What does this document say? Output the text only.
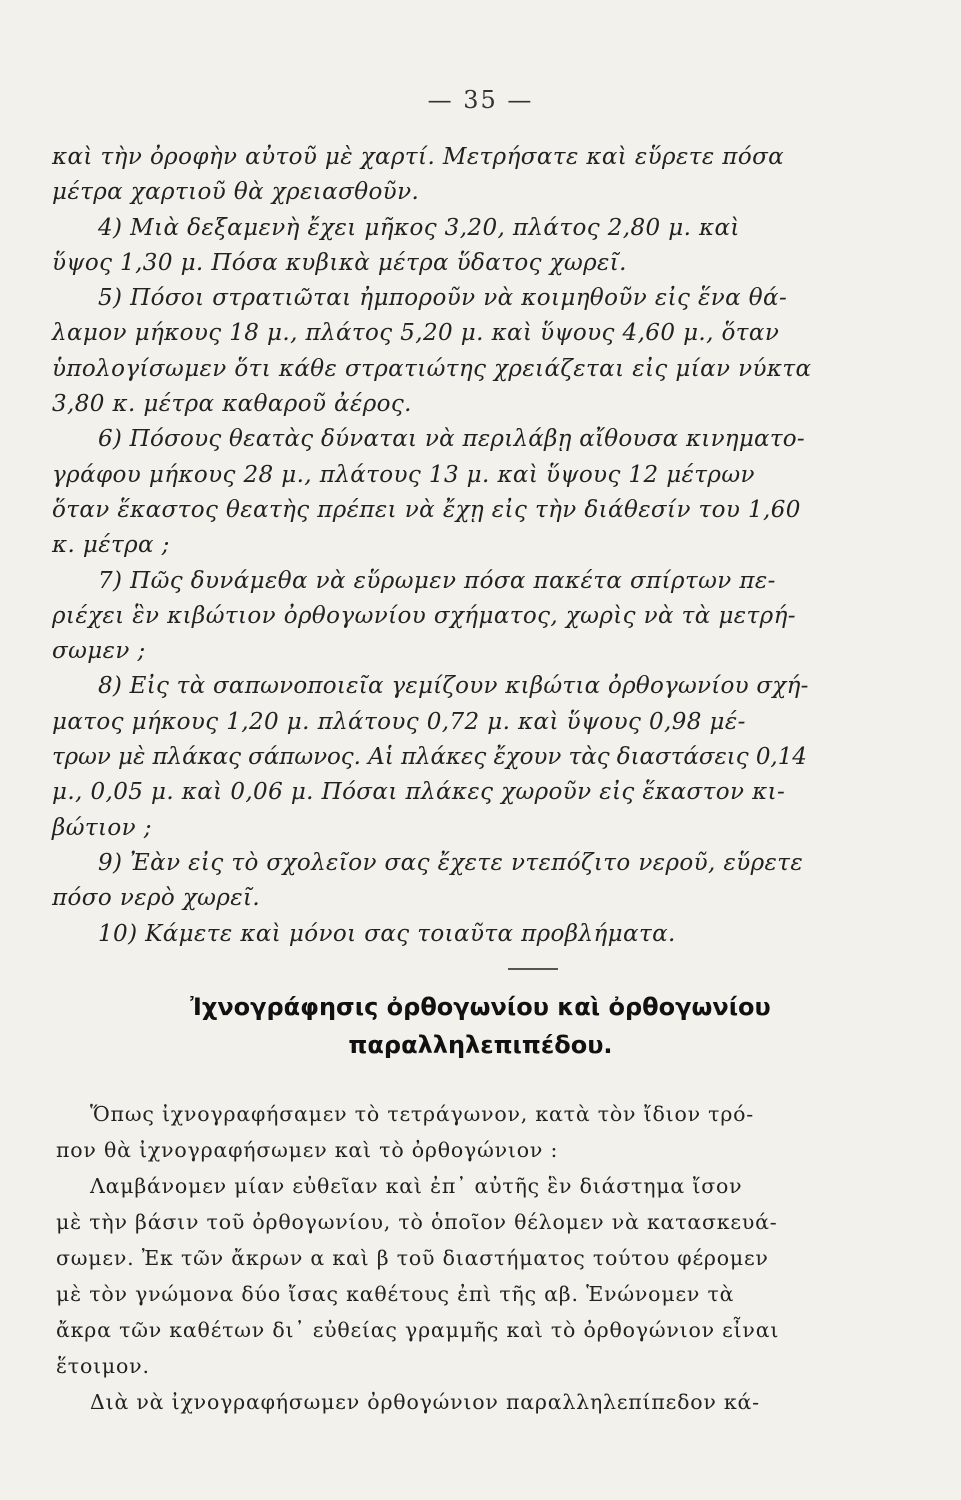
— 35 —
καὶ τὴν ὀροφὴν αὐτοῦ μὲ χαρτί. Μετρήσατε καὶ εὕρετε πόσα
μέτρα χαρτιοῦ θὰ χρειασθοῦν.
4) Μιὰ δεξαμενὴ ἔχει μῆκος 3,20, πλάτος 2,80 μ. καὶ
ὕψος 1,30 μ. Πόσα κυβικὰ μέτρα ὕδατος χωρεῖ.
5) Πόσοι στρατιῶται ἠμποροῦν νὰ κοιμηθοῦν εἰς ἕνα θά-
λαμον μήκους 18 μ., πλάτος 5,20 μ. καὶ ὕψους 4,60 μ., ὅταν
ὑπολογίσωμεν ὅτι κάθε στρατιώτης χρειάζεται εἰς μίαν νύκτα
3,80 κ. μέτρα καθαροῦ ἀέρος.
6) Πόσους θεατὰς δύναται νὰ περιλάβῃ αἴθουσα κινηματο-
γράφου μήκους 28 μ., πλάτους 13 μ. καὶ ὕψους 12 μέτρων
ὅταν ἕκαστος θεατὴς πρέπει νὰ ἔχῃ εἰς τὴν διάθεσίν του 1,60
κ. μέτρα ;
7) Πῶς δυνάμεθα νὰ εὕρωμεν πόσα πακέτα σπίρτων πε-
ριέχει ἓν κιβώτιον ὀρθογωνίου σχήματος, χωρὶς νὰ τὰ μετρή-
σωμεν ;
8) Εἰς τὰ σαπωνοποιεῖα γεμίζουν κιβώτια ὀρθογωνίου σχή-
ματος μήκους 1,20 μ. πλάτους 0,72 μ. καὶ ὕψους 0,98 μέ-
τρων μὲ πλάκας σάπωνος. Αἱ πλάκες ἔχουν τὰς διαστάσεις 0,14
μ., 0,05 μ. καὶ 0,06 μ. Πόσαι πλάκες χωροῦν εἰς ἕκαστον κι-
βώτιον ;
9) Ἐὰν εἰς τὸ σχολεῖον σας ἔχετε ντεπόζιτο νεροῦ, εὕρετε
πόσο νερὸ χωρεῖ.
10) Κάμετε καὶ μόνοι σας τοιαῦτα προβλήματα.
Ἰχνογράφησις ὀρθογωνίου καὶ ὀρθογωνίου
παραλληλεπιπέδου.
Ὅπως ἰχνογραφήσαμεν τὸ τετράγωνον, κατὰ τὸν ἴδιον τρό-
πον θὰ ἰχνογραφήσωμεν καὶ τὸ ὀρθογώνιον :
Λαμβάνομεν μίαν εὐθεῖαν καὶ ἐπ᾽ αὐτῆς ἓν διάστημα ἴσον
μὲ τὴν βάσιν τοῦ ὀρθογωνίου, τὸ ὁποῖον θέλομεν νὰ κατασκευά-
σωμεν. Ἐκ τῶν ἄκρων α καὶ β τοῦ διαστήματος τούτου φέρομεν
μὲ τὸν γνώμονα δύο ἴσας καθέτους ἐπὶ τῆς αβ. Ἑνώνομεν τὰ
ἄκρα τῶν καθέτων δι᾽ εὐθείας γραμμῆς καὶ τὸ ὀρθογώνιον εἶναι
ἕτοιμον.
Διὰ νὰ ἰχνογραφήσωμεν ὀρθογώνιον παραλληλεπίπεδον κά-
